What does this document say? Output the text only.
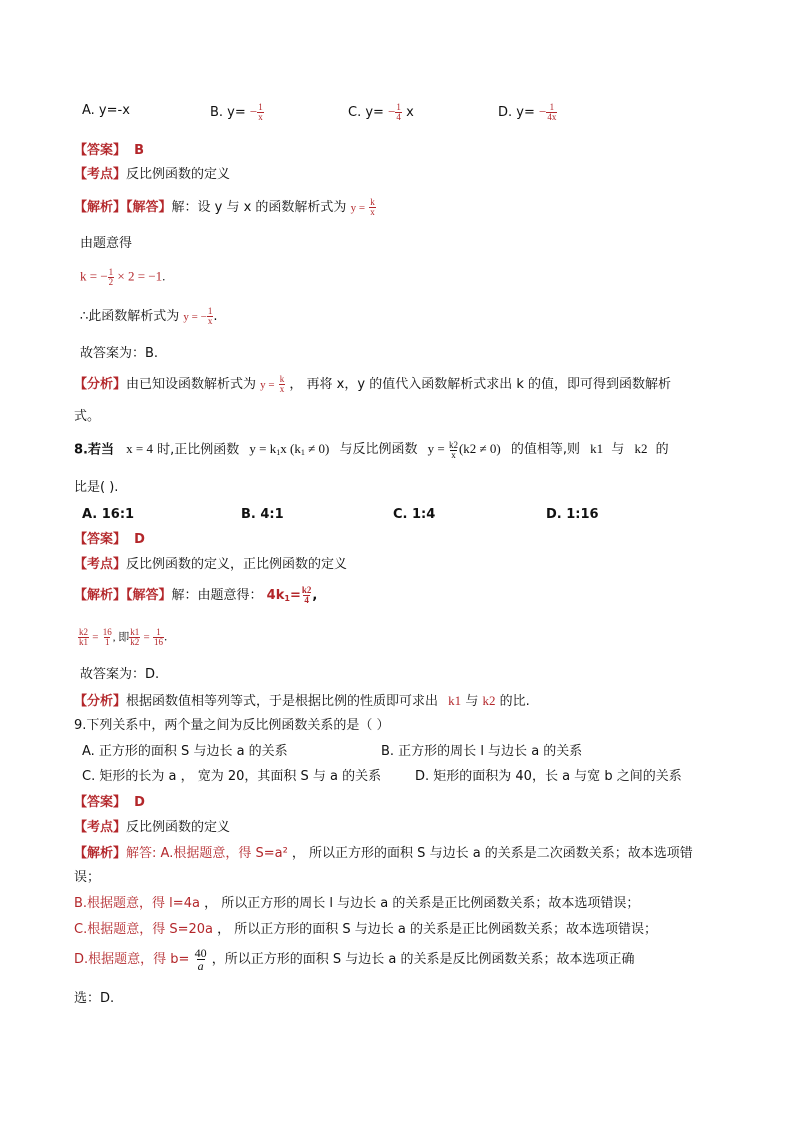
A. y=-x	B. $y= - \frac{1}{x}$	C. $y= - \frac{1}{4}$ x	D. $y= - \frac{1}{4x}$
【答案】 B
【考点】反比例函数的定义
【解析】【解答】解：设 y 与 x 的函数解析式为 $y = \frac{k}{x}$
由题意得
k = − $\frac{1}{2} \times 2 = -1$.
∴此函数解析式为 y = − $\frac{1}{x}$ .
故答案为：B.
【分析】由已知设函数解析式为 $y = \frac{k}{x}$ ， 再将 x，y 的值代入函数解析式求出 k 的值，即可得到函数解析
式。
8.若当 x = 4 时,正比例函数 $y = k_1x$ $(k_1 \ne 0)$ 与反比例函数 $y = \frac{k2}{x} (k2 \ne 0)$ 的值相等,则 k1 与 k2 的
比是( ).
A. 16:1	B. 4:1	C. 1:4	D. 1:16
【答案】 D
【考点】反比例函数的定义，正比例函数的定义
【解析】【解答】解：由题意得： $4k_1= \frac{k2}{4}$ ,
$\frac{k2}{k1} = \frac{16}{1}$ , 即 $\frac{k1}{k2} = \frac{1}{16}$ .
故答案为：D.
【分析】根据函数值相等列等式，于是根据比例的性质即可求出 k1 与 k2 的比.
9.下列关系中，两个量之间为反比例函数关系的是（ ）
A. 正方形的面积 S 与边长 a 的关系	B. 正方形的周长 l 与边长 a 的关系
C. 矩形的长为 a ， 宽为 20，其面积 S 与 a 的关系	D. 矩形的面积为 40，长 a 与宽 b 之间的关系
【答案】 D
【考点】反比例函数的定义
【解析】解答: A.根据题意，得 S=a² ， 所以正方形的面积 S 与边长 a 的关系是二次函数关系；故本选项错
误；
B.根据题意，得 l=4a ， 所以正方形的周长 l 与边长 a 的关系是正比例函数关系；故本选项错误；
C.根据题意，得 S=20a ， 所以正方形的面积 S 与边长 a 的关系是正比例函数关系；故本选项错误；
D.根据题意，得 $b= \frac{40}{a}$ ，所以正方形的面积 S 与边长 a 的关系是反比例函数关系；故本选项正确
选：D.
